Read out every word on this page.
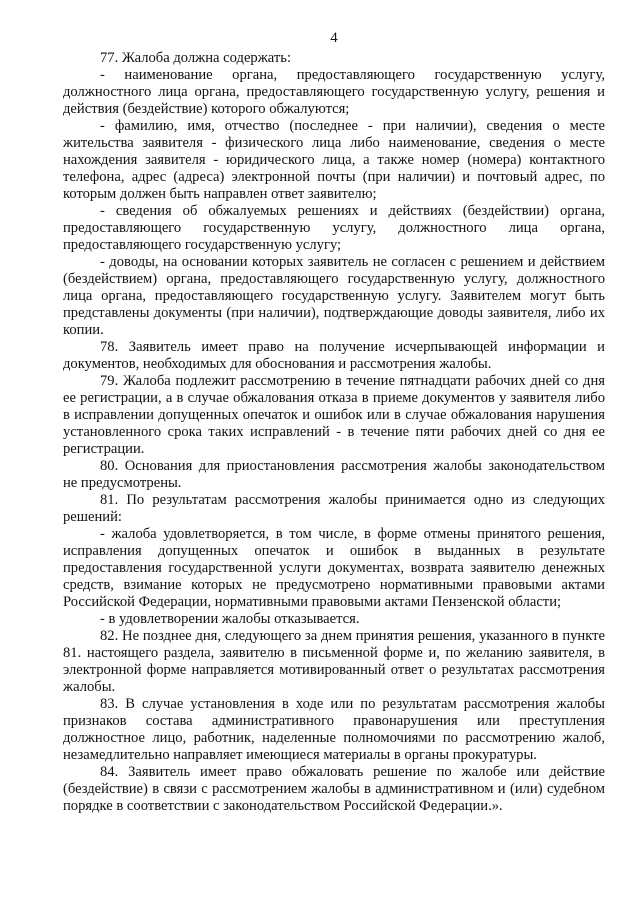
4

77. Жалоба должна содержать:

- наименование органа, предоставляющего государственную услугу, должностного лица органа, предоставляющего государственную услугу, решения и действия (бездействие) которого обжалуются;

- фамилию, имя, отчество (последнее - при наличии), сведения о месте жительства заявителя - физического лица либо наименование, сведения о месте нахождения заявителя - юридического лица, а также номер (номера) контактного телефона, адрес (адреса) электронной почты (при наличии) и почтовый адрес, по которым должен быть направлен ответ заявителю;

- сведения об обжалуемых решениях и действиях (бездействии) органа, предоставляющего государственную услугу, должностного лица органа, предоставляющего государственную услугу;

- доводы, на основании которых заявитель не согласен с решением и действием (бездействием) органа, предоставляющего государственную услугу, должностного лица органа, предоставляющего государственную услугу. Заявителем могут быть представлены документы (при наличии), подтверждающие доводы заявителя, либо их копии.

78. Заявитель имеет право на получение исчерпывающей информации и документов, необходимых для обоснования и рассмотрения жалобы.

79. Жалоба подлежит рассмотрению в течение пятнадцати рабочих дней со дня ее регистрации, а в случае обжалования отказа в приеме документов у заявителя либо в исправлении допущенных опечаток и ошибок или в случае обжалования нарушения установленного срока таких исправлений - в течение пяти рабочих дней со дня ее регистрации.

80. Основания для приостановления рассмотрения жалобы законодательством не предусмотрены.

81. По результатам рассмотрения жалобы принимается одно из следующих решений:

- жалоба удовлетворяется, в том числе, в форме отмены принятого решения, исправления допущенных опечаток и ошибок в выданных в результате предоставления государственной услуги документах, возврата заявителю денежных средств, взимание которых не предусмотрено нормативными правовыми актами Российской Федерации, нормативными правовыми актами Пензенской области;

- в удовлетворении жалобы отказывается.

82. Не позднее дня, следующего за днем принятия решения, указанного в пункте 81. настоящего раздела, заявителю в письменной форме и, по желанию заявителя, в электронной форме направляется мотивированный ответ о результатах рассмотрения жалобы.

83. В случае установления в ходе или по результатам рассмотрения жалобы признаков состава административного правонарушения или преступления должностное лицо, работник, наделенные полномочиями по рассмотрению жалоб, незамедлительно направляет имеющиеся материалы в органы прокуратуры.

84. Заявитель имеет право обжаловать решение по жалобе или действие (бездействие) в связи с рассмотрением жалобы в административном и (или) судебном порядке в соответствии с законодательством Российской Федерации.».
